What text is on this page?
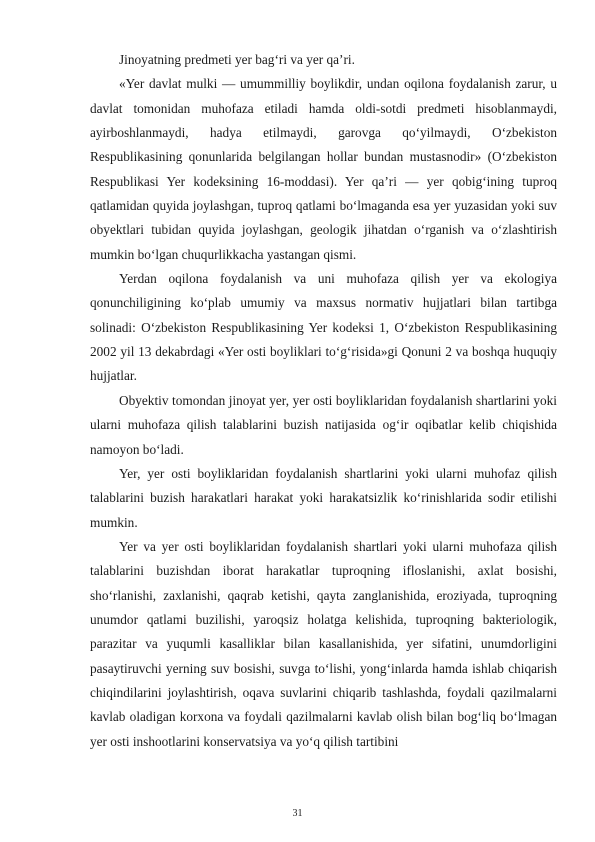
Jinoyatning predmeti yer bag‘ri va yer qa’ri.

«Yer davlat mulki — umummilliy boylikdir, undan oqilona foydalanish zarur, u davlat tomonidan muhofaza etiladi hamda oldi-sotdi predmeti hisoblanmaydi, ayirboshlanmaydi, hadya etilmaydi, garovga qo‘yilmaydi, O‘zbekiston Respublikasining qonunlarida belgilangan hollar bundan mustasnodir» (O‘zbekiston Respublikasi Yer kodeksining 16-moddasi). Yer qa’ri — yer qobig‘ining tuproq qatlamidan quyida joylashgan, tuproq qatlami bo‘lmaganda esa yer yuzasidan yoki suv obyektlari tubidan quyida joylashgan, geologik jihatdan o‘rganish va o‘zlashtirish mumkin bo‘lgan chuqurlikkacha yastangan qismi.

Yerdan oqilona foydalanish va uni muhofaza qilish yer va ekologiya qonunchiligining ko‘plab umumiy va maxsus normativ hujjatlari bilan tartibga solinadi: O‘zbekiston Respublikasining Yer kodeksi 1, O‘zbekiston Respublikasining 2002 yil 13 dekabrdagi «Yer osti boyliklari to‘g‘risida»gi Qonuni 2 va boshqa huquqiy hujjatlar.

Obyektiv tomondan jinoyat yer, yer osti boyliklaridan foydalanish shartlarini yoki ularni muhofaza qilish talablarini buzish natijasida og‘ir oqibatlar kelib chiqishida namoyon bo‘ladi.

Yer, yer osti boyliklaridan foydalanish shartlarini yoki ularni muhofaz qilish talablarini buzish harakatlari harakat yoki harakatsizlik ko‘rinishlarida sodir etilishi mumkin.

Yer va yer osti boyliklaridan foydalanish shartlari yoki ularni muhofaza qilish talablarini buzishdan iborat harakatlar tuproqning ifloslanishi, axlat bosishi, sho‘rlanishi, zaxlanishi, qaqrab ketishi, qayta zanglanishida, eroziyada, tuproqning unumdor qatlami buzilishi, yaroqsiz holatga kelishida, tuproqning bakteriologik, parazitar va yuqumli kasalliklar bilan kasallanishida, yer sifatini, unumdorligini pasaytiruvchi yerning suv bosishi, suvga to‘lishi, yong‘inlarda hamda ishlab chiqarish chiqindilarini joylashtirish, oqava suvlarini chiqarib tashlashda, foydali qazilmalarni kavlab oladigan korxona va foydali qazilmalarni kavlab olish bilan bog‘liq bo‘lmagan yer osti inshootlarini konservatsiya va yo‘q qilish tartibini

31
